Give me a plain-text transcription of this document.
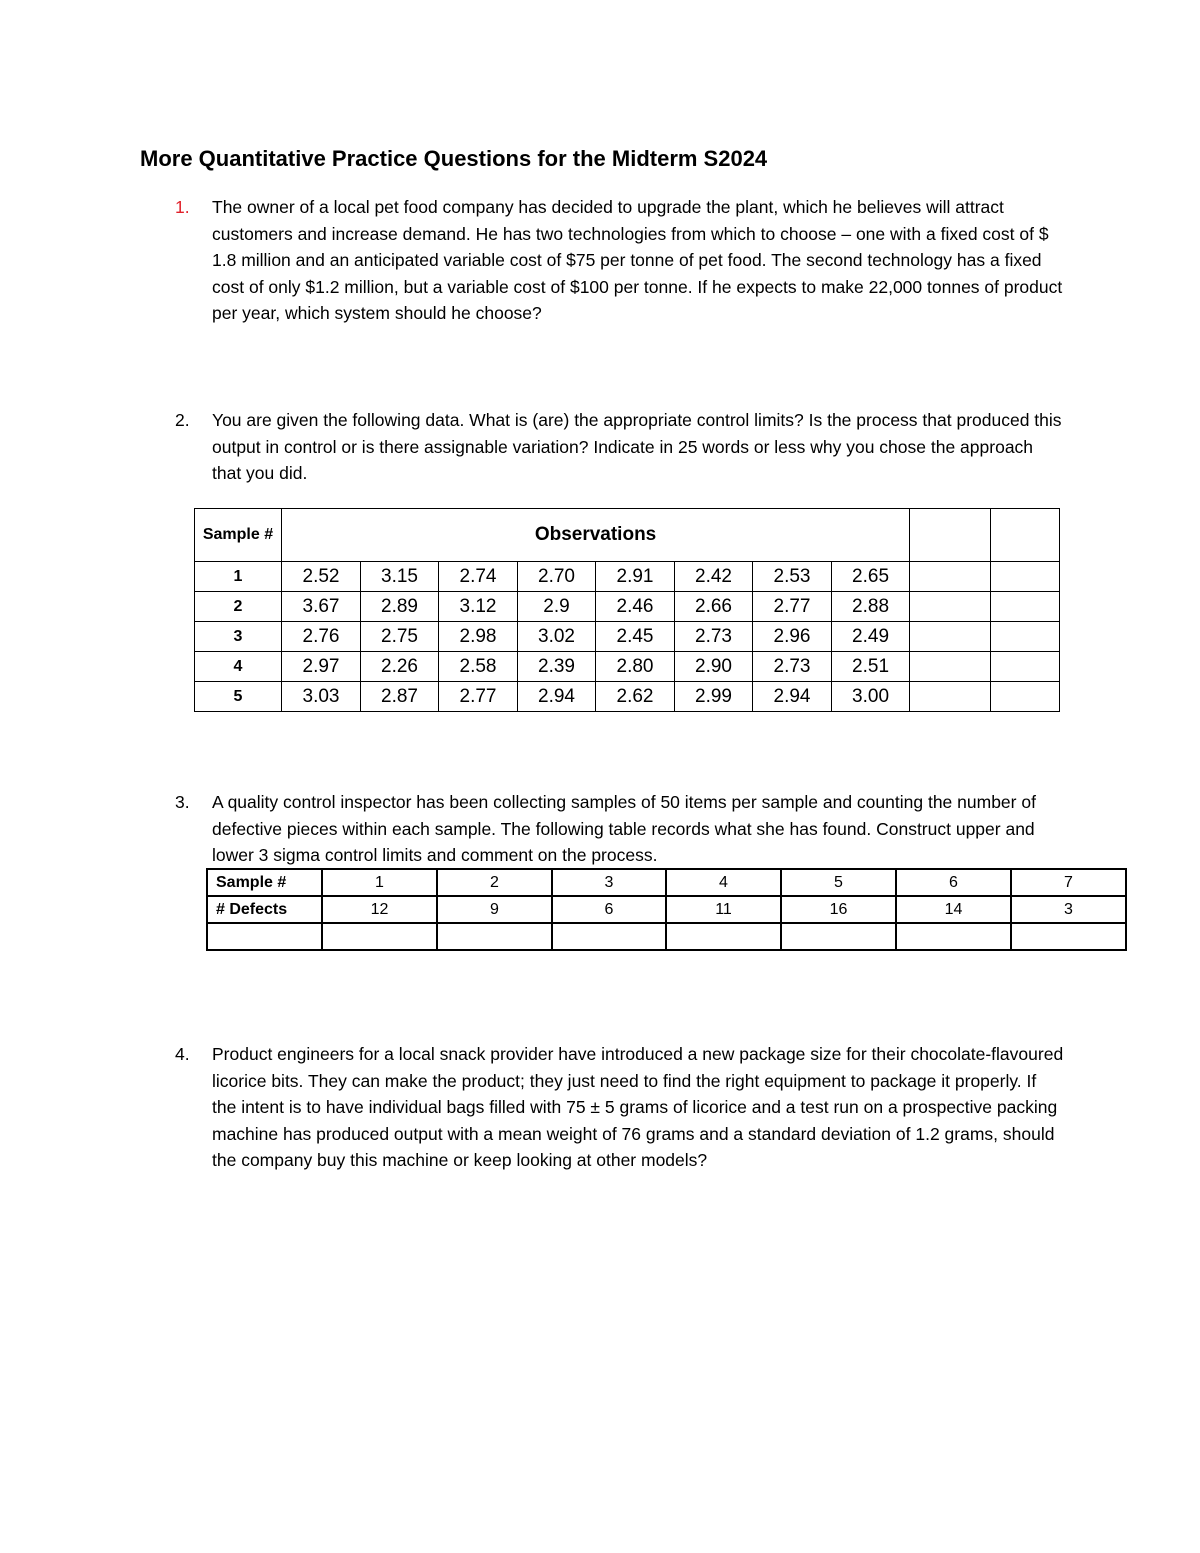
More Quantitative Practice Questions for the Midterm S2024
1.	The owner of a local pet food company has decided to upgrade the plant, which he believes will attract customers and increase demand. He has two technologies from which to choose – one with a fixed cost of $ 1.8 million and an anticipated variable cost of $75 per tonne of pet food. The second technology has a fixed cost of only $1.2 million, but a variable cost of $100 per tonne. If he expects to make 22,000 tonnes of product per year, which system should he choose?
2.	You are given the following data. What is (are) the appropriate control limits? Is the process that produced this output in control or is there assignable variation? Indicate in 25 words or less why you chose the approach that you did.
Sample #	Observations									
1	2.52	3.15	2.74	2.70	2.91	2.42	2.53	2.65		
2	3.67	2.89	3.12	2.9	2.46	2.66	2.77	2.88		
3	2.76	2.75	2.98	3.02	2.45	2.73	2.96	2.49		
4	2.97	2.26	2.58	2.39	2.80	2.90	2.73	2.51		
5	3.03	2.87	2.77	2.94	2.62	2.99	2.94	3.00		
3.	A quality control inspector has been collecting samples of 50 items per sample and counting the number of defective pieces within each sample. The following table records what she has found. Construct upper and lower 3 sigma control limits and comment on the process.
Sample #	1	2	3	4	5	6	7
# Defects	12	9	6	11	16	14	3

4.	Product engineers for a local snack provider have introduced a new package size for their chocolate-flavoured licorice bits. They can make the product; they just need to find the right equipment to package it properly. If the intent is to have individual bags filled with 75 ± 5 grams of licorice and a test run on a prospective packing machine has produced output with a mean weight of 76 grams and a standard deviation of 1.2 grams, should the company buy this machine or keep looking at other models?
